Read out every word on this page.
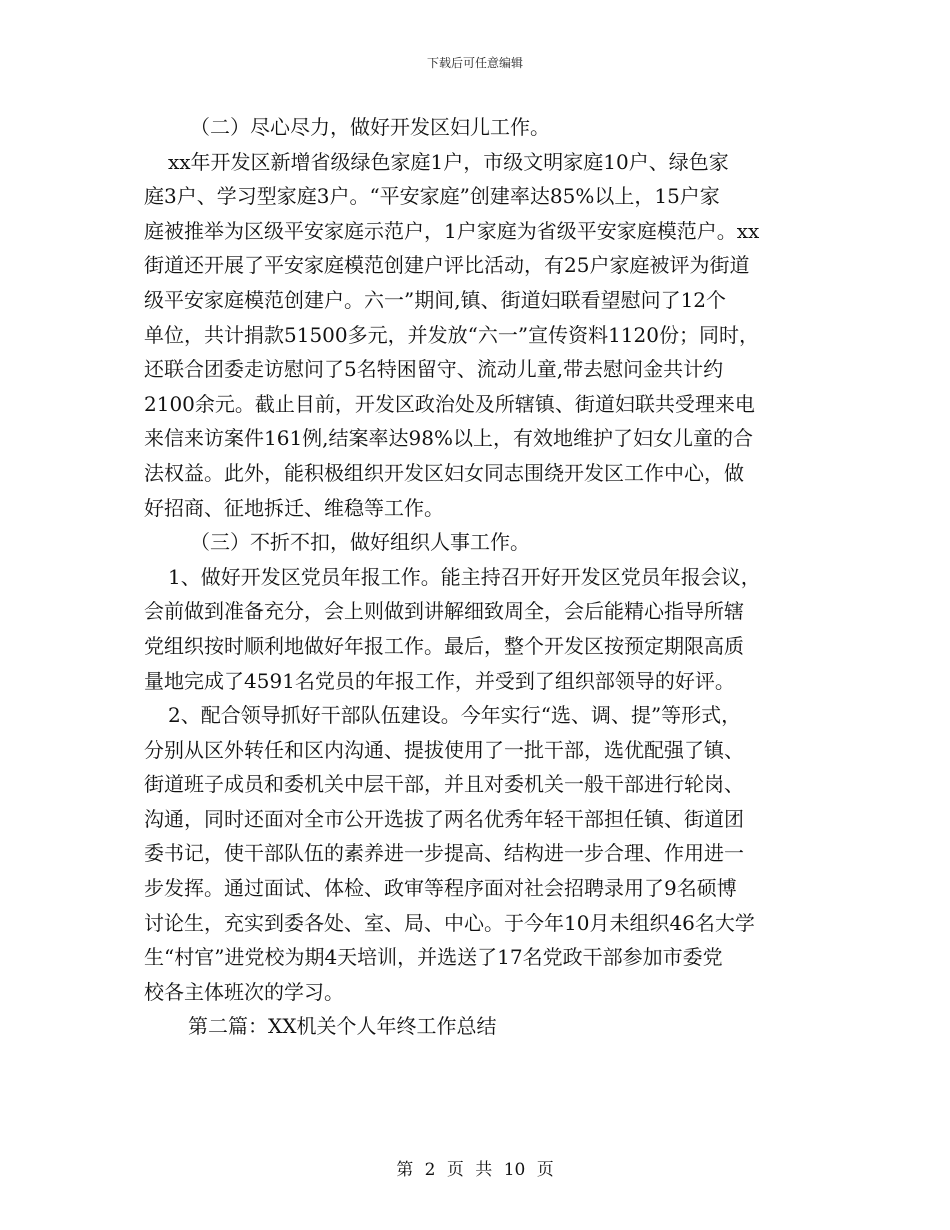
下载后可任意编辑
（二）尽心尽力，做好开发区妇儿工作。
xx年开发区新增省级绿色家庭1户，市级文明家庭10户、绿色家
庭3户、学习型家庭3户。“平安家庭”创建率达85%以上，15户家
庭被推举为区级平安家庭示范户，1户家庭为省级平安家庭模范户。xx
街道还开展了平安家庭模范创建户评比活动，有25户家庭被评为街道
级平安家庭模范创建户。六一”期间,镇、街道妇联看望慰问了12个
单位，共计捐款51500多元，并发放“六一”宣传资料1120份；同时，
还联合团委走访慰问了5名特困留守、流动儿童,带去慰问金共计约
2100余元。截止目前，开发区政治处及所辖镇、街道妇联共受理来电
来信来访案件161例,结案率达98%以上，有效地维护了妇女儿童的合
法权益。此外，能积极组织开发区妇女同志围绕开发区工作中心，做
好招商、征地拆迁、维稳等工作。
（三）不折不扣，做好组织人事工作。
1、做好开发区党员年报工作。能主持召开好开发区党员年报会议，
会前做到准备充分，会上则做到讲解细致周全，会后能精心指导所辖
党组织按时顺利地做好年报工作。最后，整个开发区按预定期限高质
量地完成了4591名党员的年报工作，并受到了组织部领导的好评。
2、配合领导抓好干部队伍建设。今年实行“选、调、提”等形式，
分别从区外转任和区内沟通、提拔使用了一批干部，选优配强了镇、
街道班子成员和委机关中层干部，并且对委机关一般干部进行轮岗、
沟通，同时还面对全市公开选拔了两名优秀年轻干部担任镇、街道团
委书记，使干部队伍的素养进一步提高、结构进一步合理、作用进一
步发挥。通过面试、体检、政审等程序面对社会招聘录用了9名硕博
讨论生，充实到委各处、室、局、中心。于今年10月未组织46名大学
生“村官”进党校为期4天培训，并选送了17名党政干部参加市委党
校各主体班次的学习。
第二篇：XX机关个人年终工作总结
第 2 页 共 10 页
